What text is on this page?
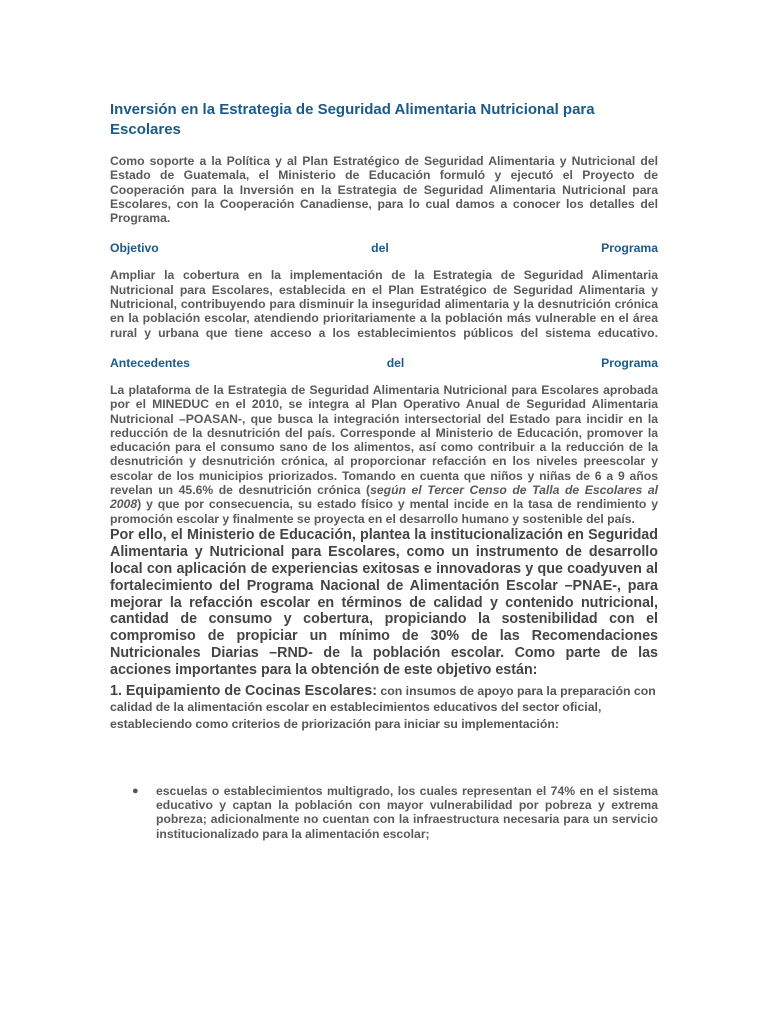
Inversión en la Estrategia de Seguridad Alimentaria Nutricional para Escolares

Como soporte a la Política y al Plan Estratégico de Seguridad Alimentaria y Nutricional del Estado de Guatemala, el Ministerio de Educación formuló y ejecutó el Proyecto de Cooperación para la Inversión en la Estrategia de Seguridad Alimentaria Nutricional para Escolares, con la Cooperación Canadiense, para lo cual damos a conocer los detalles del Programa.

Objetivo del Programa

Ampliar la cobertura en la implementación de la Estrategia de Seguridad Alimentaria Nutricional para Escolares, establecida en el Plan Estratégico de Seguridad Alimentaria y Nutricional, contribuyendo para disminuir la inseguridad alimentaria y la desnutrición crónica en la población escolar, atendiendo prioritariamente a la población más vulnerable en el área rural y urbana que tiene acceso a los establecimientos públicos del sistema educativo.

Antecedentes del Programa

La plataforma de la Estrategia de Seguridad Alimentaria Nutricional para Escolares aprobada por el MINEDUC en el 2010, se integra al Plan Operativo Anual de Seguridad Alimentaria Nutricional –POASAN-, que busca la integración intersectorial del Estado para incidir en la reducción de la desnutrición del país. Corresponde al Ministerio de Educación, promover la educación para el consumo sano de los alimentos, así como contribuir a la reducción de la desnutrición y desnutrición crónica, al proporcionar refacción en los niveles preescolar y escolar de los municipios priorizados. Tomando en cuenta que niños y niñas de 6 a 9 años revelan un 45.6% de desnutrición crónica (según el Tercer Censo de Talla de Escolares al 2008) y que por consecuencia, su estado físico y mental incide en la tasa de rendimiento y promoción escolar y finalmente se proyecta en el desarrollo humano y sostenible del país.

Por ello, el Ministerio de Educación, plantea la institucionalización en Seguridad Alimentaria y Nutricional para Escolares, como un instrumento de desarrollo local con aplicación de experiencias exitosas e innovadoras y que coadyuven al fortalecimiento del Programa Nacional de Alimentación Escolar –PNAE-, para mejorar la refacción escolar en términos de calidad y contenido nutricional, cantidad de consumo y cobertura, propiciando la sostenibilidad con el compromiso de propiciar un mínimo de 30% de las Recomendaciones Nutricionales Diarias –RND- de la población escolar. Como parte de las acciones importantes para la obtención de este objetivo están:

1. Equipamiento de Cocinas Escolares: con insumos de apoyo para la preparación con calidad de la alimentación escolar en establecimientos educativos del sector oficial, estableciendo como criterios de priorización para iniciar su implementación:

● escuelas o establecimientos multigrado, los cuales representan el 74% en el sistema educativo y captan la población con mayor vulnerabilidad por pobreza y extrema pobreza; adicionalmente no cuentan con la infraestructura necesaria para un servicio institucionalizado para la alimentación escolar;
